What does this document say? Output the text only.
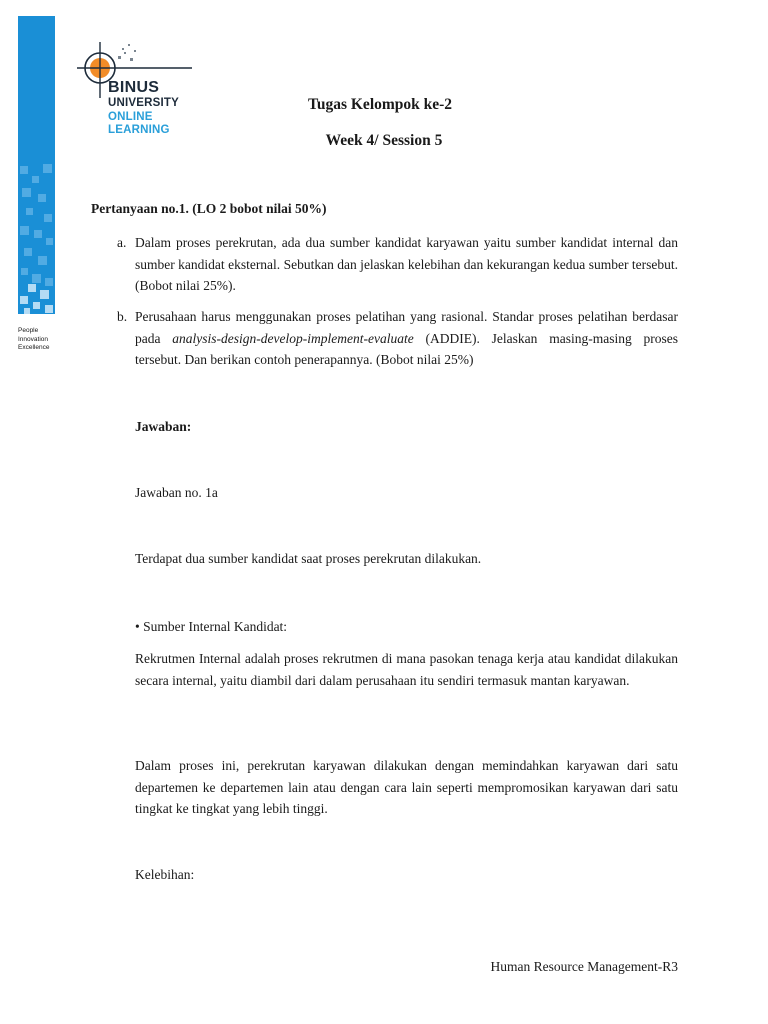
BINUS
UNIVERSITY
ONLINE
LEARNING
People
Innovation
Excellence
Tugas Kelompok ke-2
Week 4/ Session 5
Pertanyaan no.1. (LO 2 bobot nilai 50%)
a. Dalam proses perekrutan, ada dua sumber kandidat karyawan yaitu sumber kandidat internal dan sumber kandidat eksternal. Sebutkan dan jelaskan kelebihan dan kekurangan kedua sumber tersebut. (Bobot nilai 25%).
b. Perusahaan harus menggunakan proses pelatihan yang rasional. Standar proses pelatihan berdasar pada analysis-design-develop-implement-evaluate (ADDIE). Jelaskan masing-masing proses tersebut. Dan berikan contoh penerapannya. (Bobot nilai 25%)
Jawaban:
Jawaban no. 1a
Terdapat dua sumber kandidat saat proses perekrutan dilakukan.
• Sumber Internal Kandidat:
Rekrutmen Internal adalah proses rekrutmen di mana pasokan tenaga kerja atau kandidat dilakukan secara internal, yaitu diambil dari dalam perusahaan itu sendiri termasuk mantan karyawan.
Dalam proses ini, perekrutan karyawan dilakukan dengan memindahkan karyawan dari satu departemen ke departemen lain atau dengan cara lain seperti mempromosikan karyawan dari satu tingkat ke tingkat yang lebih tinggi.
Kelebihan:
Human Resource Management-R3
